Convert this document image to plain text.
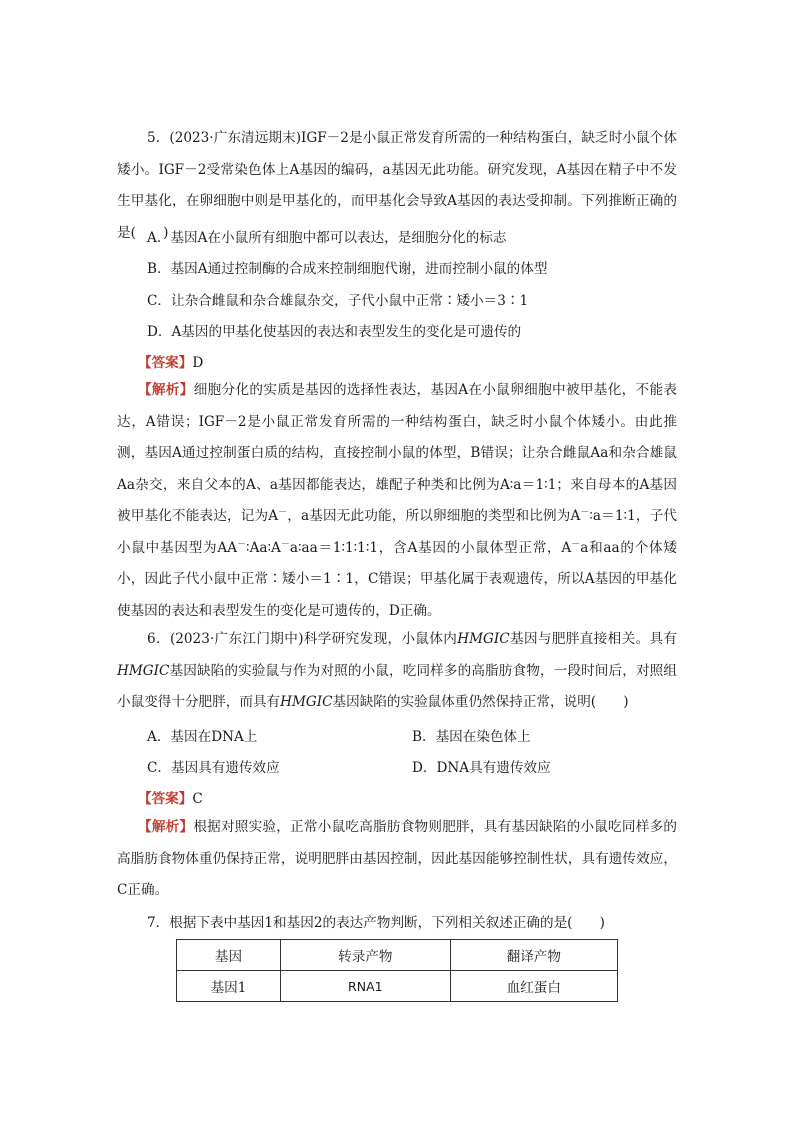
5．(2023·广东清远期末)IGF－2是小鼠正常发育所需的一种结构蛋白，缺乏时小鼠个体矮小。IGF－2受常染色体上A基因的编码，a基因无此功能。研究发现，A基因在精子中不发生甲基化，在卵细胞中则是甲基化的，而甲基化会导致A基因的表达受抑制。下列推断正确的是(　　)

A．基因A在小鼠所有细胞中都可以表达，是细胞分化的标志
B．基因A通过控制酶的合成来控制细胞代谢，进而控制小鼠的体型
C．让杂合雌鼠和杂合雄鼠杂交，子代小鼠中正常∶矮小＝3∶1
D．A基因的甲基化使基因的表达和表型发生的变化是可遗传的
【答案】D

【解析】细胞分化的实质是基因的选择性表达，基因A在小鼠卵细胞中被甲基化，不能表达，A错误；IGF－2是小鼠正常发育所需的一种结构蛋白，缺乏时小鼠个体矮小。由此推测，基因A通过控制蛋白质的结构，直接控制小鼠的体型，B错误；让杂合雌鼠Aa和杂合雄鼠Aa杂交，来自父本的A、a基因都能表达，雄配子种类和比例为A∶a＝1∶1；来自母本的A基因被甲基化不能表达，记为A－，a基因无此功能，所以卵细胞的类型和比例为A－∶a＝1∶1，子代小鼠中基因型为AA－∶Aa∶A－a∶aa＝1∶1∶1∶1，含A基因的小鼠体型正常，A－a和aa的个体矮小，因此子代小鼠中正常∶矮小＝1∶1，C错误；甲基化属于表观遗传，所以A基因的甲基化使基因的表达和表型发生的变化是可遗传的，D正确。

6．(2023·广东江门期中)科学研究发现，小鼠体内HMGIC基因与肥胖直接相关。具有HMGIC基因缺陷的实验鼠与作为对照的小鼠，吃同样多的高脂肪食物，一段时间后，对照组小鼠变得十分肥胖，而具有HMGIC基因缺陷的实验鼠体重仍然保持正常，说明(　　)

A．基因在DNA上	B．基因在染色体上
C．基因具有遗传效应	D．DNA具有遗传效应
【答案】C

【解析】根据对照实验，正常小鼠吃高脂肪食物则肥胖，具有基因缺陷的小鼠吃同样多的高脂肪食物体重仍保持正常，说明肥胖由基因控制，因此基因能够控制性状，具有遗传效应，C正确。

7．根据下表中基因1和基因2的表达产物判断，下列相关叙述正确的是(　　)
基因	转录产物	翻译产物
基因1	RNA1	血红蛋白
